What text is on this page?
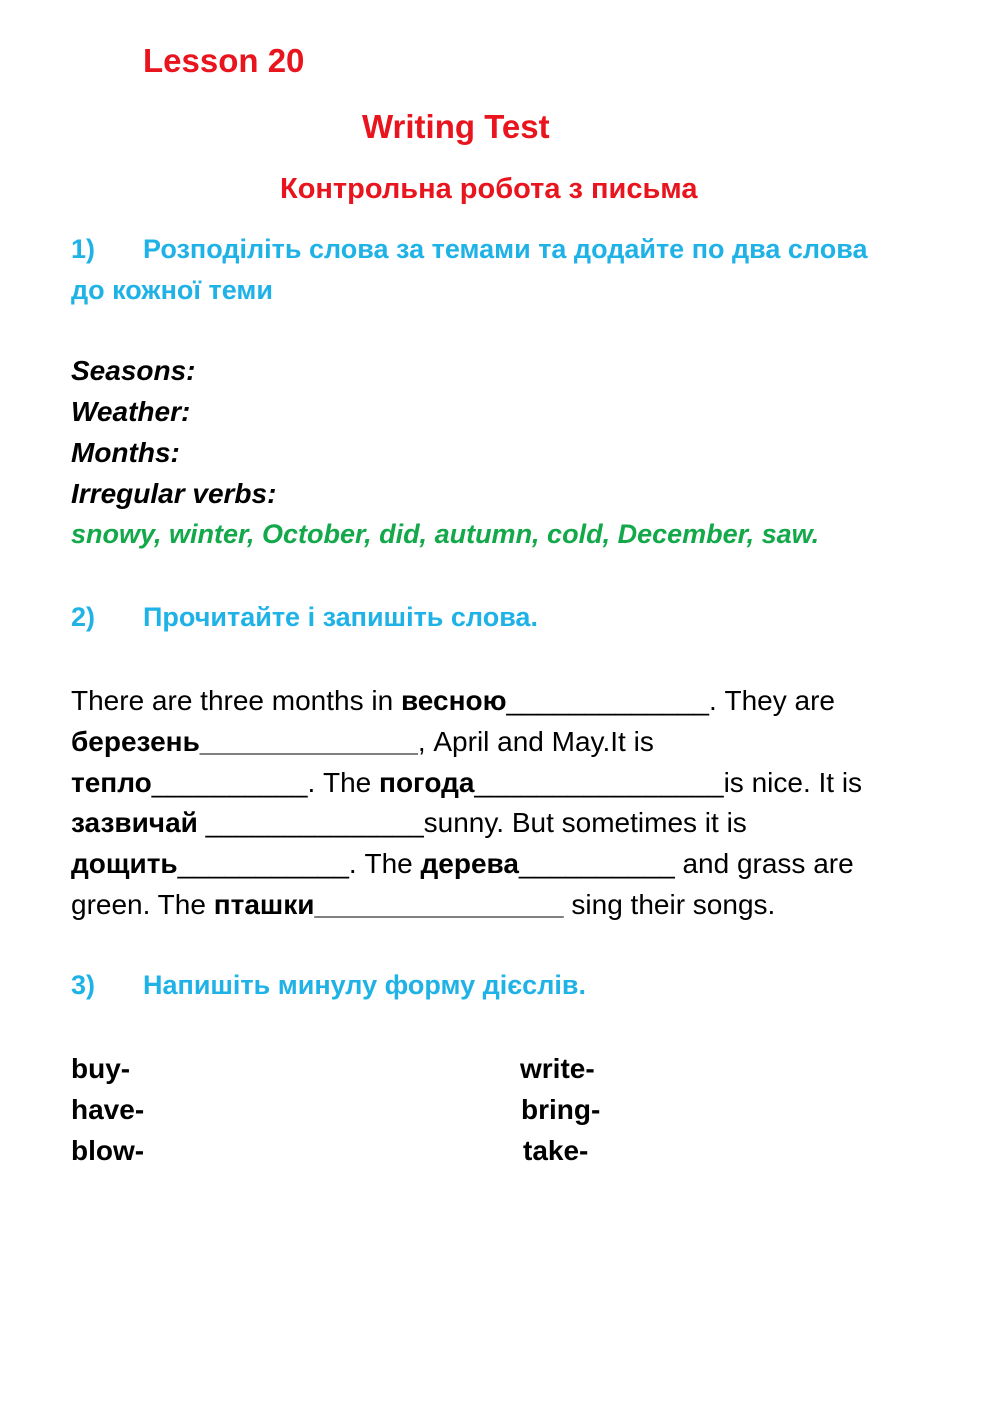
Lesson 20
Writing Test
Контрольна робота з письма
1) Розподіліть слова за темами та додайте по два слова
до кожної теми
Seasons:
Weather:
Months:
Irregular verbs:
snowy, winter, October, did, autumn, cold, December, saw.
2) Прочитайте і запишіть слова.
There are three months in весною_____________. They are
березень______________, April and May.It is
тепло__________. The погода________________is nice. It is
зазвичай ______________sunny. But sometimes it is
дощить___________. The дерева__________ and grass are
green. The пташки________________ sing their songs.
3) Напишіть минулу форму дієслів.
buy-
have-
blow-
write-
bring-
take-
